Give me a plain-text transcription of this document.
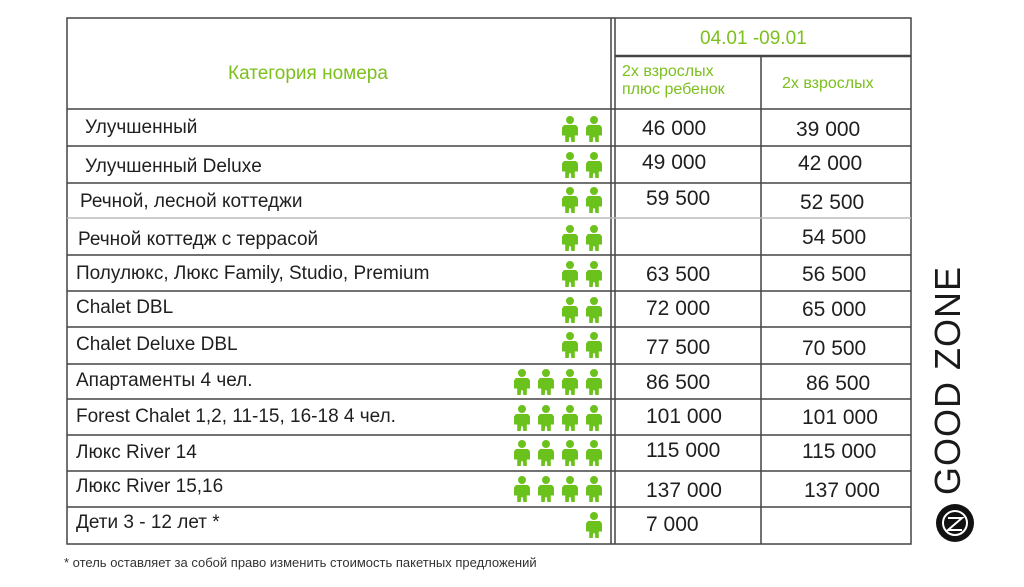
Категория номера
04.01 -09.01
2х взрослых
плюс ребенок	2х взрослых
Улучшенный
Улучшенный Deluxe
Речной, лесной коттеджи
Речной коттедж с террасой
Полулюкс, Люкс Family, Studio, Premium
Chalet DBL
Chalet Deluxe DBL
Апартаменты 4 чел.
Forest Chalet 1,2, 11-15, 16-18 4 чел.
Люкс River 14
Люкс River 15,16
Дети 3 - 12 лет *
46 000
49 000
59 500
63 500
72 000
77 500
86 500
101 000
115 000
137 000
7 000
39 000
42 000
52 500
54 500
56 500
65 000
70 500
86 500
101 000
115 000
137 000
* отель оставляет за собой право изменить стоимость пакетных предложений
GOOD ZONE
